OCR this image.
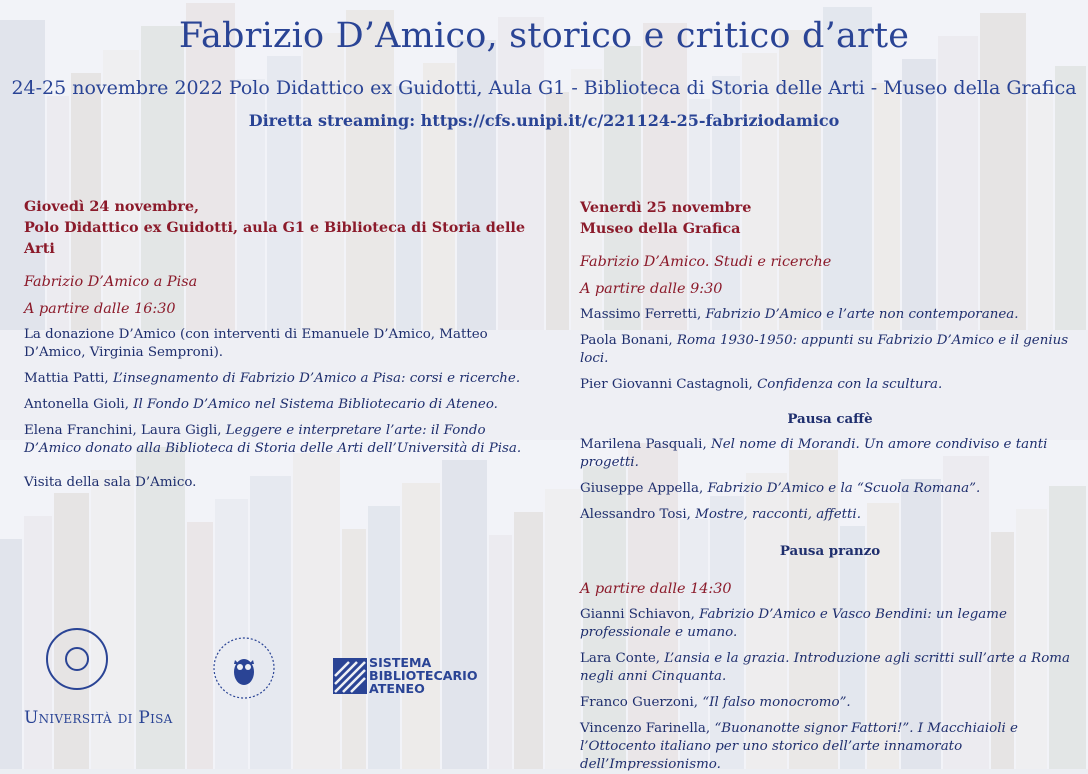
Fabrizio D’Amico, storico e critico d’arte
24-25 novembre 2022 Polo Didattico ex Guidotti, Aula G1 - Biblioteca di Storia delle Arti - Museo della Grafica
Diretta streaming: https://cfs.unipi.it/c/221124-25-fabriziodamico
Giovedì 24 novembre,
Polo Didattico ex Guidotti, aula G1 e Biblioteca di Storia delle Arti
Fabrizio D’Amico a Pisa
A partire dalle 16:30
La donazione D’Amico (con interventi di Emanuele D’Amico, Matteo D’Amico, Virginia Semproni).
Mattia Patti, L’insegnamento di Fabrizio D’Amico a Pisa: corsi e ricerche.
Antonella Gioli, Il Fondo D’Amico nel Sistema Bibliotecario di Ateneo.
Elena Franchini, Laura Gigli, Leggere e interpretare l’arte: il Fondo D’Amico donato alla Biblioteca di Storia delle Arti dell’Università di Pisa.
Visita della sala D’Amico.
Venerdì 25 novembre
Museo della Grafica
Fabrizio D’Amico. Studi e ricerche
A partire dalle 9:30
Massimo Ferretti, Fabrizio D’Amico e l’arte non contemporanea.
Paola Bonani, Roma 1930-1950: appunti su Fabrizio D’Amico e il genius loci.
Pier Giovanni Castagnoli, Confidenza con la scultura.
Pausa caffè
Marilena Pasquali, Nel nome di Morandi. Un amore condiviso e tanti progetti.
Giuseppe Appella, Fabrizio D’Amico e la “Scuola Romana”.
Alessandro Tosi, Mostre, racconti, affetti.
Pausa pranzo
A partire dalle 14:30
Gianni Schiavon, Fabrizio D’Amico e Vasco Bendini: un legame professionale e umano.
Lara Conte, L’ansia e la grazia. Introduzione agli scritti sull’arte a Roma negli anni Cinquanta.
Franco Guerzoni, “Il falso monocromo”.
Vincenzo Farinella, “Buonanotte signor Fattori!”. I Macchiaioli e l’Ottocento italiano per uno storico dell’arte innamorato dell’Impressionismo.
Università di Pisa
SISTEMA
BIBLIOTECARIO
ATENEO
